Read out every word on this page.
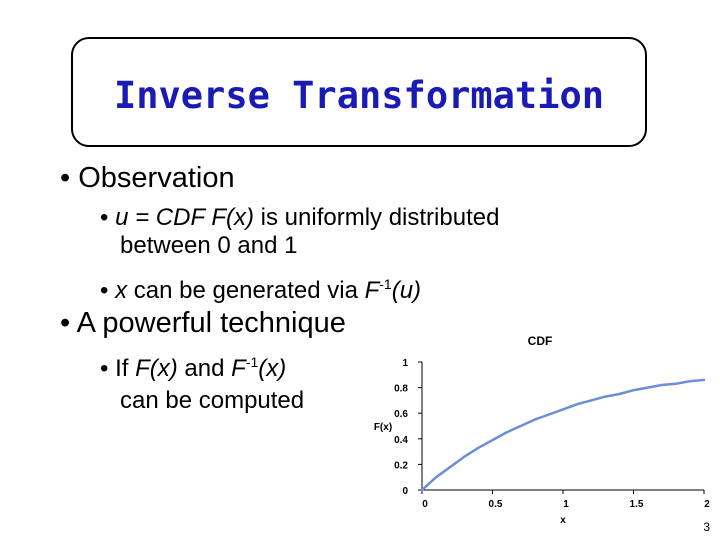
Inverse Transformation
• Observation
• u = CDF F(x) is uniformly distributed
between 0 and 1
• x can be generated via $F^{-1}(u)$
• A powerful technique
• If F(x) and $F^{-1}(x)$
can be computed
CDF
F(x)
x
0
0.2
0.4
0.6
0.8
1
0	0.5	1	1.5	2
3
